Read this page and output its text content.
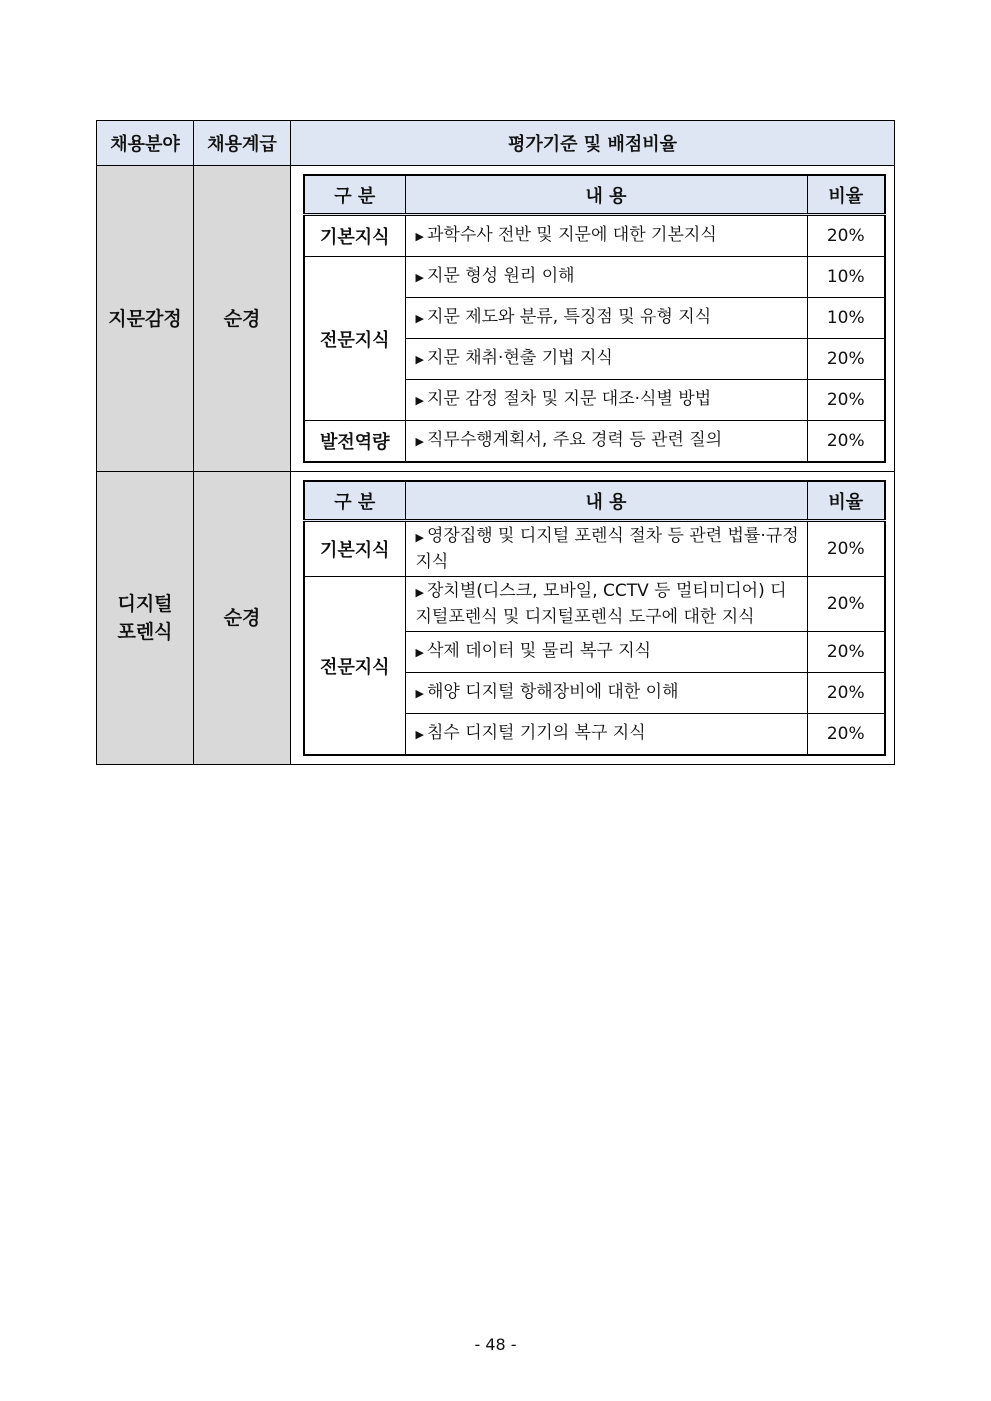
채용분야	채용계급	평가기준 및 배점비율
지문감정	순경	
구 분	내 용	비율
기본지식	▶ 과학수사 전반 및 지문에 대한 기본지식	20%
전문지식	▶ 지문 형성 원리 이해	10%
▶ 지문 제도와 분류, 특징점 및 유형 지식	10%
▶ 지문 채취·현출 기법 지식	20%
▶ 지문 감정 절차 및 지문 대조·식별 방법	20%
발전역량	▶ 직무수행계획서, 주요 경력 등 관련 질의	20%

디지털
포렌식	순경	
구 분	내 용	비율
기본지식	▶ 영장집행 및 디지털 포렌식 절차 등 관련 법률·규정 지식	20%
전문지식	▶ 장치별(디스크, 모바일, CCTV 등 멀티미디어) 디지털포렌식 및 디지털포렌식 도구에 대한 지식	20%
▶ 삭제 데이터 및 물리 복구 지식	20%
▶ 해양 디지털 항해장비에 대한 이해	20%
▶ 침수 디지털 기기의 복구 지식	20%
- 48 -
